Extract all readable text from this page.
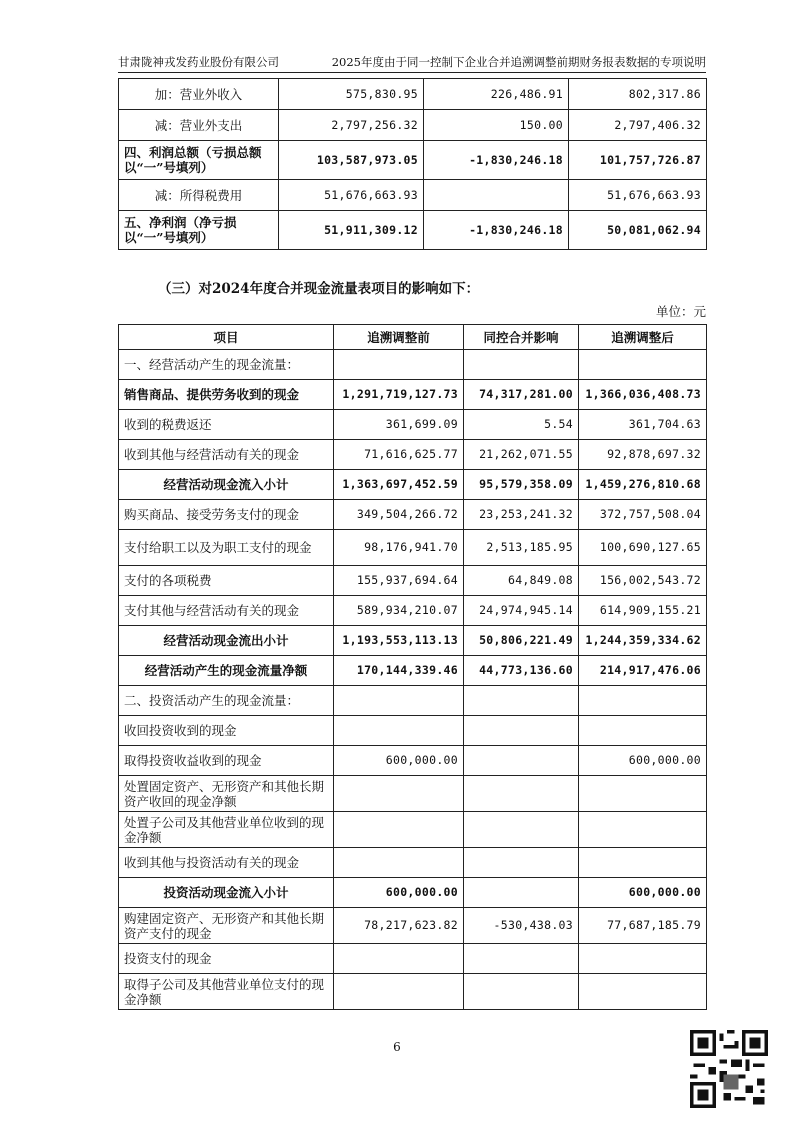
甘肃陇神戎发药业股份有限公司	2025年度由于同一控制下企业合并追溯调整前期财务报表数据的专项说明
加：营业外收入	575,830.95	226,486.91	802,317.86
减：营业外支出	2,797,256.32	150.00	2,797,406.32
四、利润总额（亏损总额以“一”号填列）	103,587,973.05	-1,830,246.18	101,757,726.87
减：所得税费用	51,676,663.93		51,676,663.93
五、净利润（净亏损以“一”号填列）	51,911,309.12	-1,830,246.18	50,081,062.94
（三）对2024年度合并现金流量表项目的影响如下：
单位：元
项目	追溯调整前	同控合并影响	追溯调整后
一、经营活动产生的现金流量：			
销售商品、提供劳务收到的现金	1,291,719,127.73	74,317,281.00	1,366,036,408.73
收到的税费返还	361,699.09	5.54	361,704.63
收到其他与经营活动有关的现金	71,616,625.77	21,262,071.55	92,878,697.32
经营活动现金流入小计	1,363,697,452.59	95,579,358.09	1,459,276,810.68
购买商品、接受劳务支付的现金	349,504,266.72	23,253,241.32	372,757,508.04
支付给职工以及为职工支付的现金	98,176,941.70	2,513,185.95	100,690,127.65
支付的各项税费	155,937,694.64	64,849.08	156,002,543.72
支付其他与经营活动有关的现金	589,934,210.07	24,974,945.14	614,909,155.21
经营活动现金流出小计	1,193,553,113.13	50,806,221.49	1,244,359,334.62
经营活动产生的现金流量净额	170,144,339.46	44,773,136.60	214,917,476.06
二、投资活动产生的现金流量：			
收回投资收到的现金			
取得投资收益收到的现金	600,000.00		600,000.00
处置固定资产、无形资产和其他长期资产收回的现金净额			
处置子公司及其他营业单位收到的现金净额			
收到其他与投资活动有关的现金			
投资活动现金流入小计	600,000.00		600,000.00
购建固定资产、无形资产和其他长期资产支付的现金	78,217,623.82	-530,438.03	77,687,185.79
投资支付的现金			
取得子公司及其他营业单位支付的现金净额			
6
